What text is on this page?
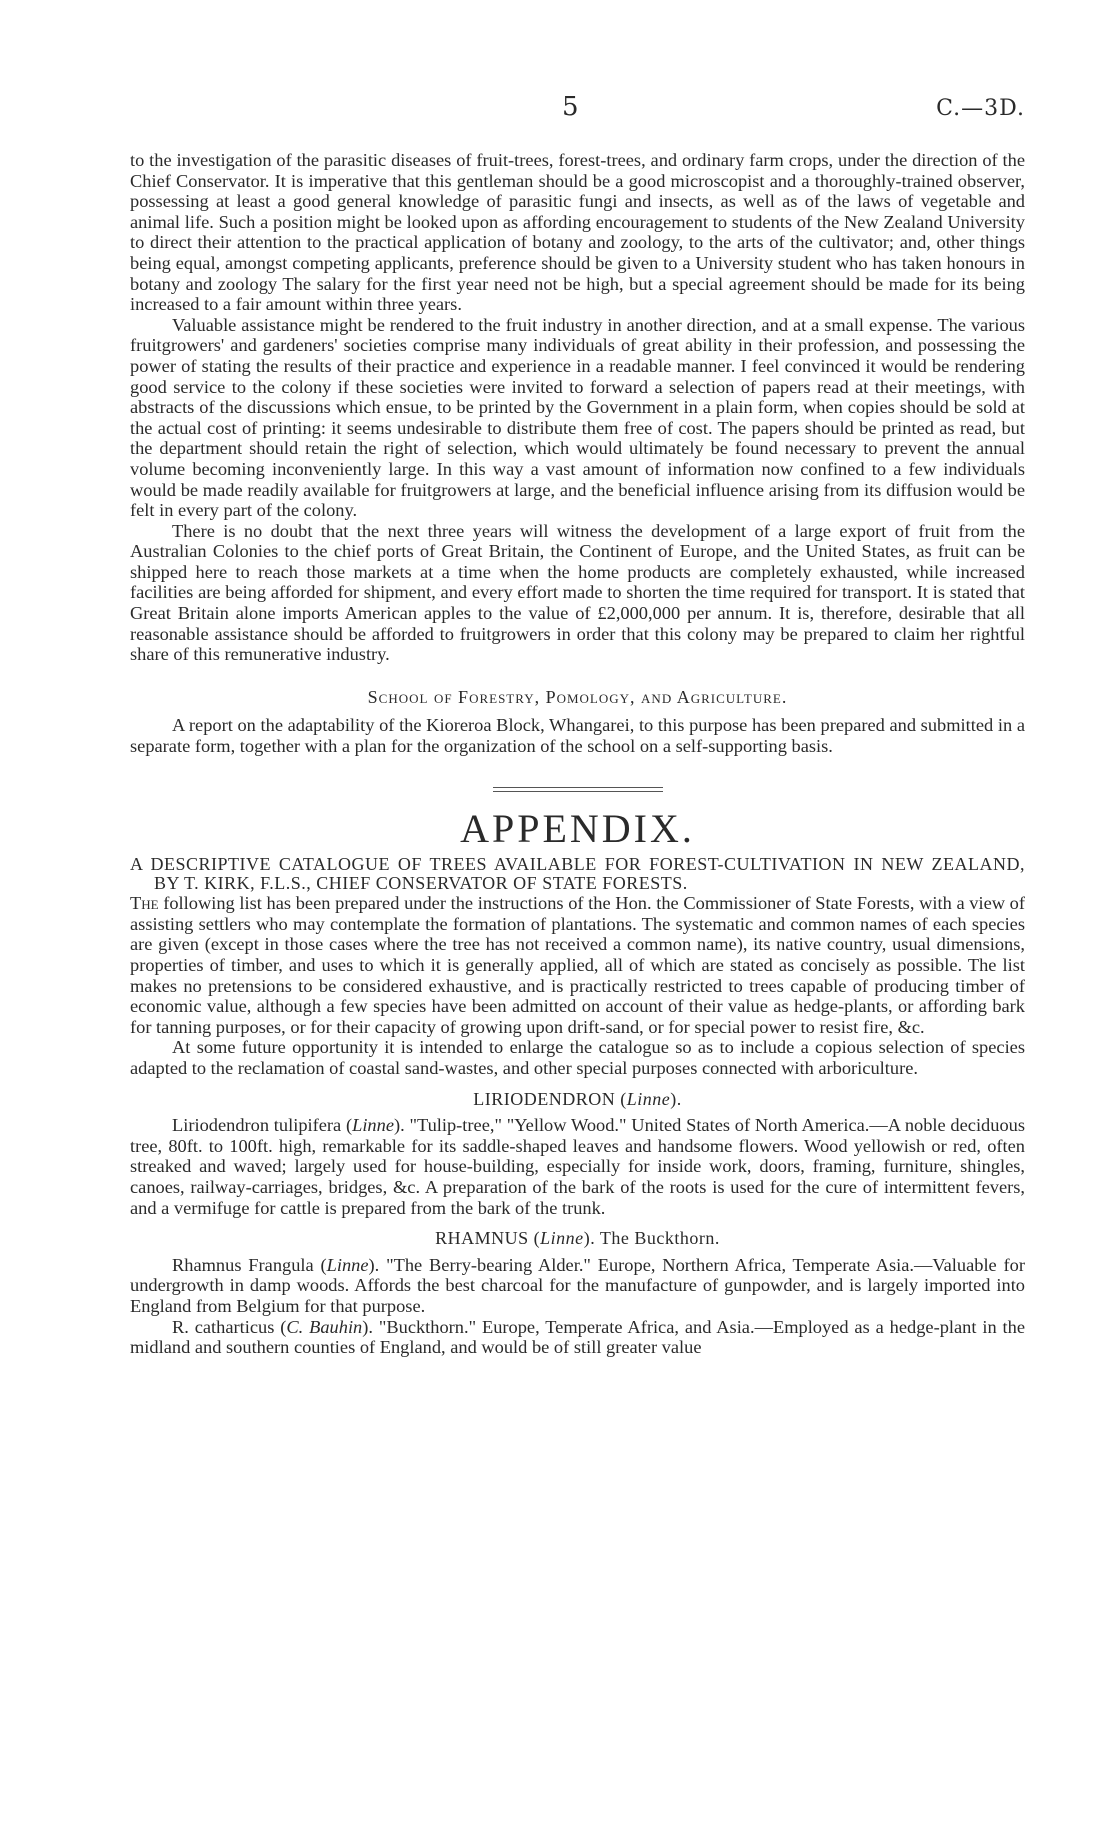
5	C.—3D.

to the investigation of the parasitic diseases of fruit-trees, forest-trees, and ordinary farm crops, under the direction of the Chief Conservator. It is imperative that this gentleman should be a good microscopist and a thoroughly-trained observer, possessing at least a good general knowledge of parasitic fungi and insects, as well as of the laws of vegetable and animal life. Such a position might be looked upon as affording encouragement to students of the New Zealand University to direct their attention to the practical application of botany and zoology, to the arts of the cultivator; and, other things being equal, amongst competing applicants, preference should be given to a University student who has taken honours in botany and zoology The salary for the first year need not be high, but a special agreement should be made for its being increased to a fair amount within three years.

Valuable assistance might be rendered to the fruit industry in another direction, and at a small expense. The various fruitgrowers' and gardeners' societies comprise many individuals of great ability in their profession, and possessing the power of stating the results of their practice and experience in a readable manner. I feel convinced it would be rendering good service to the colony if these societies were invited to forward a selection of papers read at their meetings, with abstracts of the discussions which ensue, to be printed by the Government in a plain form, when copies should be sold at the actual cost of printing: it seems undesirable to distribute them free of cost. The papers should be printed as read, but the department should retain the right of selection, which would ultimately be found necessary to prevent the annual volume becoming inconveniently large. In this way a vast amount of information now confined to a few individuals would be made readily available for fruitgrowers at large, and the beneficial influence arising from its diffusion would be felt in every part of the colony.

There is no doubt that the next three years will witness the development of a large export of fruit from the Australian Colonies to the chief ports of Great Britain, the Continent of Europe, and the United States, as fruit can be shipped here to reach those markets at a time when the home products are completely exhausted, while increased facilities are being afforded for shipment, and every effort made to shorten the time required for transport. It is stated that Great Britain alone imports American apples to the value of £2,000,000 per annum. It is, therefore, desirable that all reasonable assistance should be afforded to fruitgrowers in order that this colony may be prepared to claim her rightful share of this remunerative industry.

School of Forestry, Pomology, and Agriculture.

A report on the adaptability of the Kioreroa Block, Whangarei, to this purpose has been prepared and submitted in a separate form, together with a plan for the organization of the school on a self-supporting basis.

APPENDIX.

A DESCRIPTIVE CATALOGUE OF TREES AVAILABLE FOR FOREST-CULTIVATION IN NEW ZEALAND, BY T. KIRK, F.L.S., CHIEF CONSERVATOR OF STATE FORESTS.

The following list has been prepared under the instructions of the Hon. the Commissioner of State Forests, with a view of assisting settlers who may contemplate the formation of plantations. The systematic and common names of each species are given (except in those cases where the tree has not received a common name), its native country, usual dimensions, properties of timber, and uses to which it is generally applied, all of which are stated as concisely as possible. The list makes no pretensions to be considered exhaustive, and is practically restricted to trees capable of producing timber of economic value, although a few species have been admitted on account of their value as hedge-plants, or affording bark for tanning purposes, or for their capacity of growing upon drift-sand, or for special power to resist fire, &c.

At some future opportunity it is intended to enlarge the catalogue so as to include a copious selection of species adapted to the reclamation of coastal sand-wastes, and other special purposes connected with arboriculture.

LIRIODENDRON (Linne).

Liriodendron tulipifera (Linne). "Tulip-tree," "Yellow Wood." United States of North America.—A noble deciduous tree, 80ft. to 100ft. high, remarkable for its saddle-shaped leaves and handsome flowers. Wood yellowish or red, often streaked and waved; largely used for house-building, especially for inside work, doors, framing, furniture, shingles, canoes, railway-carriages, bridges, &c. A preparation of the bark of the roots is used for the cure of intermittent fevers, and a vermifuge for cattle is prepared from the bark of the trunk.

RHAMNUS (Linne). The Buckthorn.

Rhamnus Frangula (Linne). "The Berry-bearing Alder." Europe, Northern Africa, Temperate Asia.—Valuable for undergrowth in damp woods. Affords the best charcoal for the manufacture of gunpowder, and is largely imported into England from Belgium for that purpose.

R. catharticus (C. Bauhin). "Buckthorn." Europe, Temperate Africa, and Asia.—Employed as a hedge-plant in the midland and southern counties of England, and would be of still greater value
